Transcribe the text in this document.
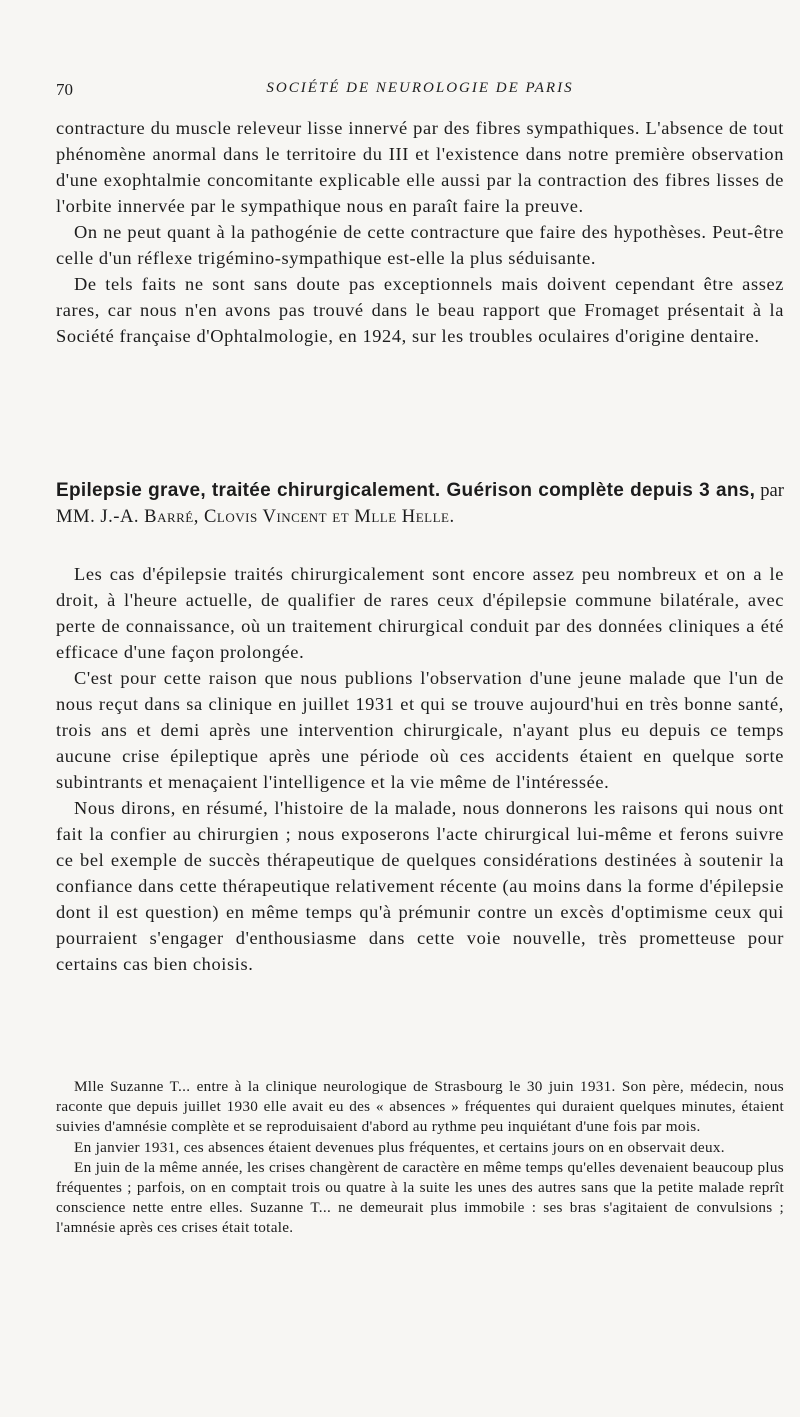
70	SOCIÉTÉ DE NEUROLOGIE DE PARIS

contracture du muscle releveur lisse innervé par des fibres sympathiques. L'absence de tout phénomène anormal dans le territoire du III et l'existence dans notre première observation d'une exophtalmie concomitante explicable elle aussi par la contraction des fibres lisses de l'orbite innervée par le sympathique nous en paraît faire la preuve.

On ne peut quant à la pathogénie de cette contracture que faire des hypothèses. Peut-être celle d'un réflexe trigémino-sympathique est-elle la plus séduisante.

De tels faits ne sont sans doute pas exceptionnels mais doivent cependant être assez rares, car nous n'en avons pas trouvé dans le beau rapport que Fromaget présentait à la Société française d'Ophtalmologie, en 1924, sur les troubles oculaires d'origine dentaire.

Epilepsie grave, traitée chirurgicalement. Guérison complète depuis 3 ans, par MM. J.-A. Barré, Clovis Vincent et Mlle Helle.

Les cas d'épilepsie traités chirurgicalement sont encore assez peu nombreux et on a le droit, à l'heure actuelle, de qualifier de rares ceux d'épilepsie commune bilatérale, avec perte de connaissance, où un traitement chirurgical conduit par des données cliniques a été efficace d'une façon prolongée.

C'est pour cette raison que nous publions l'observation d'une jeune malade que l'un de nous reçut dans sa clinique en juillet 1931 et qui se trouve aujourd'hui en très bonne santé, trois ans et demi après une intervention chirurgicale, n'ayant plus eu depuis ce temps aucune crise épileptique après une période où ces accidents étaient en quelque sorte subintrants et menaçaient l'intelligence et la vie même de l'intéressée.

Nous dirons, en résumé, l'histoire de la malade, nous donnerons les raisons qui nous ont fait la confier au chirurgien ; nous exposerons l'acte chirurgical lui-même et ferons suivre ce bel exemple de succès thérapeutique de quelques considérations destinées à soutenir la confiance dans cette thérapeutique relativement récente (au moins dans la forme d'épilepsie dont il est question) en même temps qu'à prémunir contre un excès d'optimisme ceux qui pourraient s'engager d'enthousiasme dans cette voie nouvelle, très prometteuse pour certains cas bien choisis.

Mlle Suzanne T... entre à la clinique neurologique de Strasbourg le 30 juin 1931. Son père, médecin, nous raconte que depuis juillet 1930 elle avait eu des « absences » fréquentes qui duraient quelques minutes, étaient suivies d'amnésie complète et se reproduisaient d'abord au rythme peu inquiétant d'une fois par mois.

En janvier 1931, ces absences étaient devenues plus fréquentes, et certains jours on en observait deux.

En juin de la même année, les crises changèrent de caractère en même temps qu'elles devenaient beaucoup plus fréquentes ; parfois, on en comptait trois ou quatre à la suite les unes des autres sans que la petite malade reprît conscience nette entre elles. Suzanne T... ne demeurait plus immobile : ses bras s'agitaient de convulsions ; l'amnésie après ces crises était totale.
